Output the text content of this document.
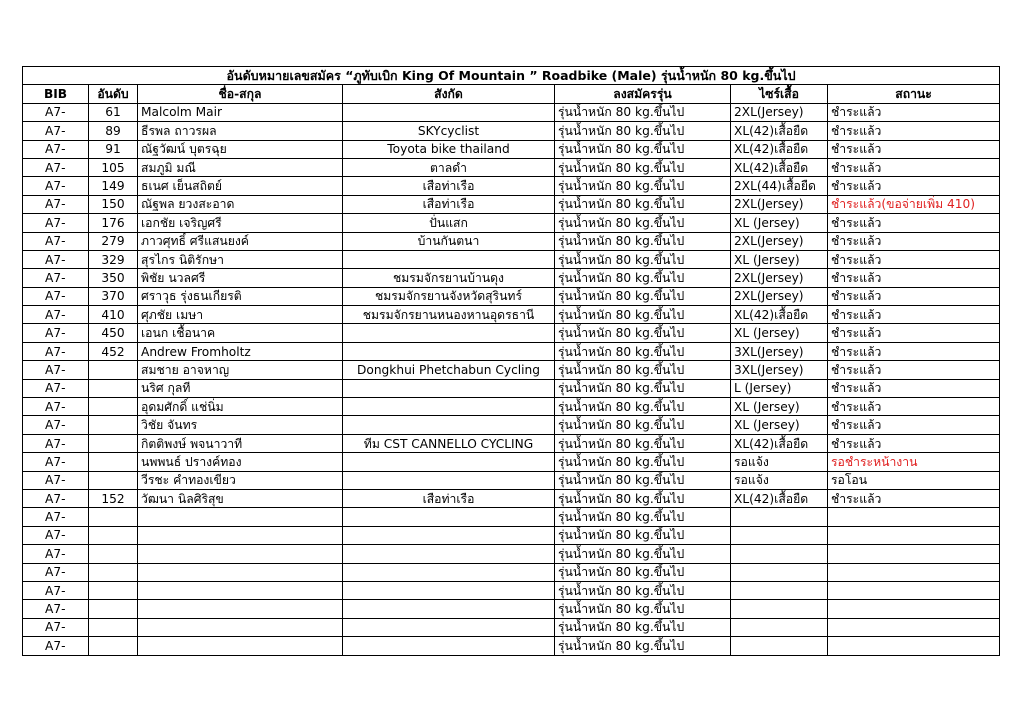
อันดับหมายเลขสมัคร “ภูทับเบิก King Of Mountain ” Roadbike (Male) รุ่นน้ำหนัก 80 kg.ขึ้นไป						
BIB	อันดับ	ชื่อ-สกุล	สังกัด	ลงสมัครรุ่น	ไซร์เสื้อ	สถานะ
A7-	61	Malcolm Mair		รุ่นน้ำหนัก 80 kg.ขึ้นไป	2XL(Jersey)	ชำระแล้ว
A7-	89	ธีรพล ถาวรผล	SKYcyclist	รุ่นน้ำหนัก 80 kg.ขึ้นไป	XL(42)เสื้อยืด	ชำระแล้ว
A7-	91	ณัฐวัฒน์ บุตรฉุย	Toyota bike thailand	รุ่นน้ำหนัก 80 kg.ขึ้นไป	XL(42)เสื้อยืด	ชำระแล้ว
A7-	105	สมภูมิ มณี	ตาลดำ	รุ่นน้ำหนัก 80 kg.ขึ้นไป	XL(42)เสื้อยืด	ชำระแล้ว
A7-	149	ธเนศ เย็นสถิตย์	เสือท่าเรือ	รุ่นน้ำหนัก 80 kg.ขึ้นไป	2XL(44)เสื้อยืด	ชำระแล้ว
A7-	150	ณัฐพล ยวงสะอาด	เสือท่าเรือ	รุ่นน้ำหนัก 80 kg.ขึ้นไป	2XL(Jersey)	ชำระแล้ว(ขอจ่ายเพิ่ม 410)
A7-	176	เอกชัย เจริญศรี	ปั่นแสก	รุ่นน้ำหนัก 80 kg.ขึ้นไป	XL (Jersey)	ชำระแล้ว
A7-	279	ภาวศุทธิ์ ศรีแสนยงค์	บ้านกันตนา	รุ่นน้ำหนัก 80 kg.ขึ้นไป	2XL(Jersey)	ชำระแล้ว
A7-	329	สุรไกร นิติรักษา		รุ่นน้ำหนัก 80 kg.ขึ้นไป	XL (Jersey)	ชำระแล้ว
A7-	350	พิชัย นวลศรี	ชมรมจักรยานบ้านดุง	รุ่นน้ำหนัก 80 kg.ขึ้นไป	2XL(Jersey)	ชำระแล้ว
A7-	370	ศราวุธ รุ่งธนเกียรติ	ชมรมจักรยานจังหวัดสุรินทร์	รุ่นน้ำหนัก 80 kg.ขึ้นไป	2XL(Jersey)	ชำระแล้ว
A7-	410	ศุภชัย เมษา	ชมรมจักรยานหนองหานอุดรธานี	รุ่นน้ำหนัก 80 kg.ขึ้นไป	XL(42)เสื้อยืด	ชำระแล้ว
A7-	450	เอนก เชื้อนาค		รุ่นน้ำหนัก 80 kg.ขึ้นไป	XL (Jersey)	ชำระแล้ว
A7-	452	Andrew Fromholtz		รุ่นน้ำหนัก 80 kg.ขึ้นไป	3XL(Jersey)	ชำระแล้ว
A7-		สมชาย อาจหาญ	Dongkhui Phetchabun Cycling	รุ่นน้ำหนัก 80 kg.ขึ้นไป	3XL(Jersey)	ชำระแล้ว
A7-		นริศ กุลที		รุ่นน้ำหนัก 80 kg.ขึ้นไป	L (Jersey)	ชำระแล้ว
A7-		อุดมศักดิ์ แช่นิ่ม		รุ่นน้ำหนัก 80 kg.ขึ้นไป	XL (Jersey)	ชำระแล้ว
A7-		วิชัย จันทร		รุ่นน้ำหนัก 80 kg.ขึ้นไป	XL (Jersey)	ชำระแล้ว
A7-		กิตติพงษ์ พจนาวาที	ทีม CST CANNELLO CYCLING	รุ่นน้ำหนัก 80 kg.ขึ้นไป	XL(42)เสื้อยืด	ชำระแล้ว
A7-		นพพนธ์ ปรางค์ทอง		รุ่นน้ำหนัก 80 kg.ขึ้นไป	รอแจ้ง	รอชำระหน้างาน
A7-		วีรชะ คำทองเขียว		รุ่นน้ำหนัก 80 kg.ขึ้นไป	รอแจ้ง	รอโอน
A7-	152	วัฒนา นิลศิริสุข	เสือท่าเรือ	รุ่นน้ำหนัก 80 kg.ขึ้นไป	XL(42)เสื้อยืด	ชำระแล้ว
A7-				รุ่นน้ำหนัก 80 kg.ขึ้นไป		
A7-				รุ่นน้ำหนัก 80 kg.ขึ้นไป		
A7-				รุ่นน้ำหนัก 80 kg.ขึ้นไป		
A7-				รุ่นน้ำหนัก 80 kg.ขึ้นไป		
A7-				รุ่นน้ำหนัก 80 kg.ขึ้นไป		
A7-				รุ่นน้ำหนัก 80 kg.ขึ้นไป		
A7-				รุ่นน้ำหนัก 80 kg.ขึ้นไป		
A7-				รุ่นน้ำหนัก 80 kg.ขึ้นไป		
